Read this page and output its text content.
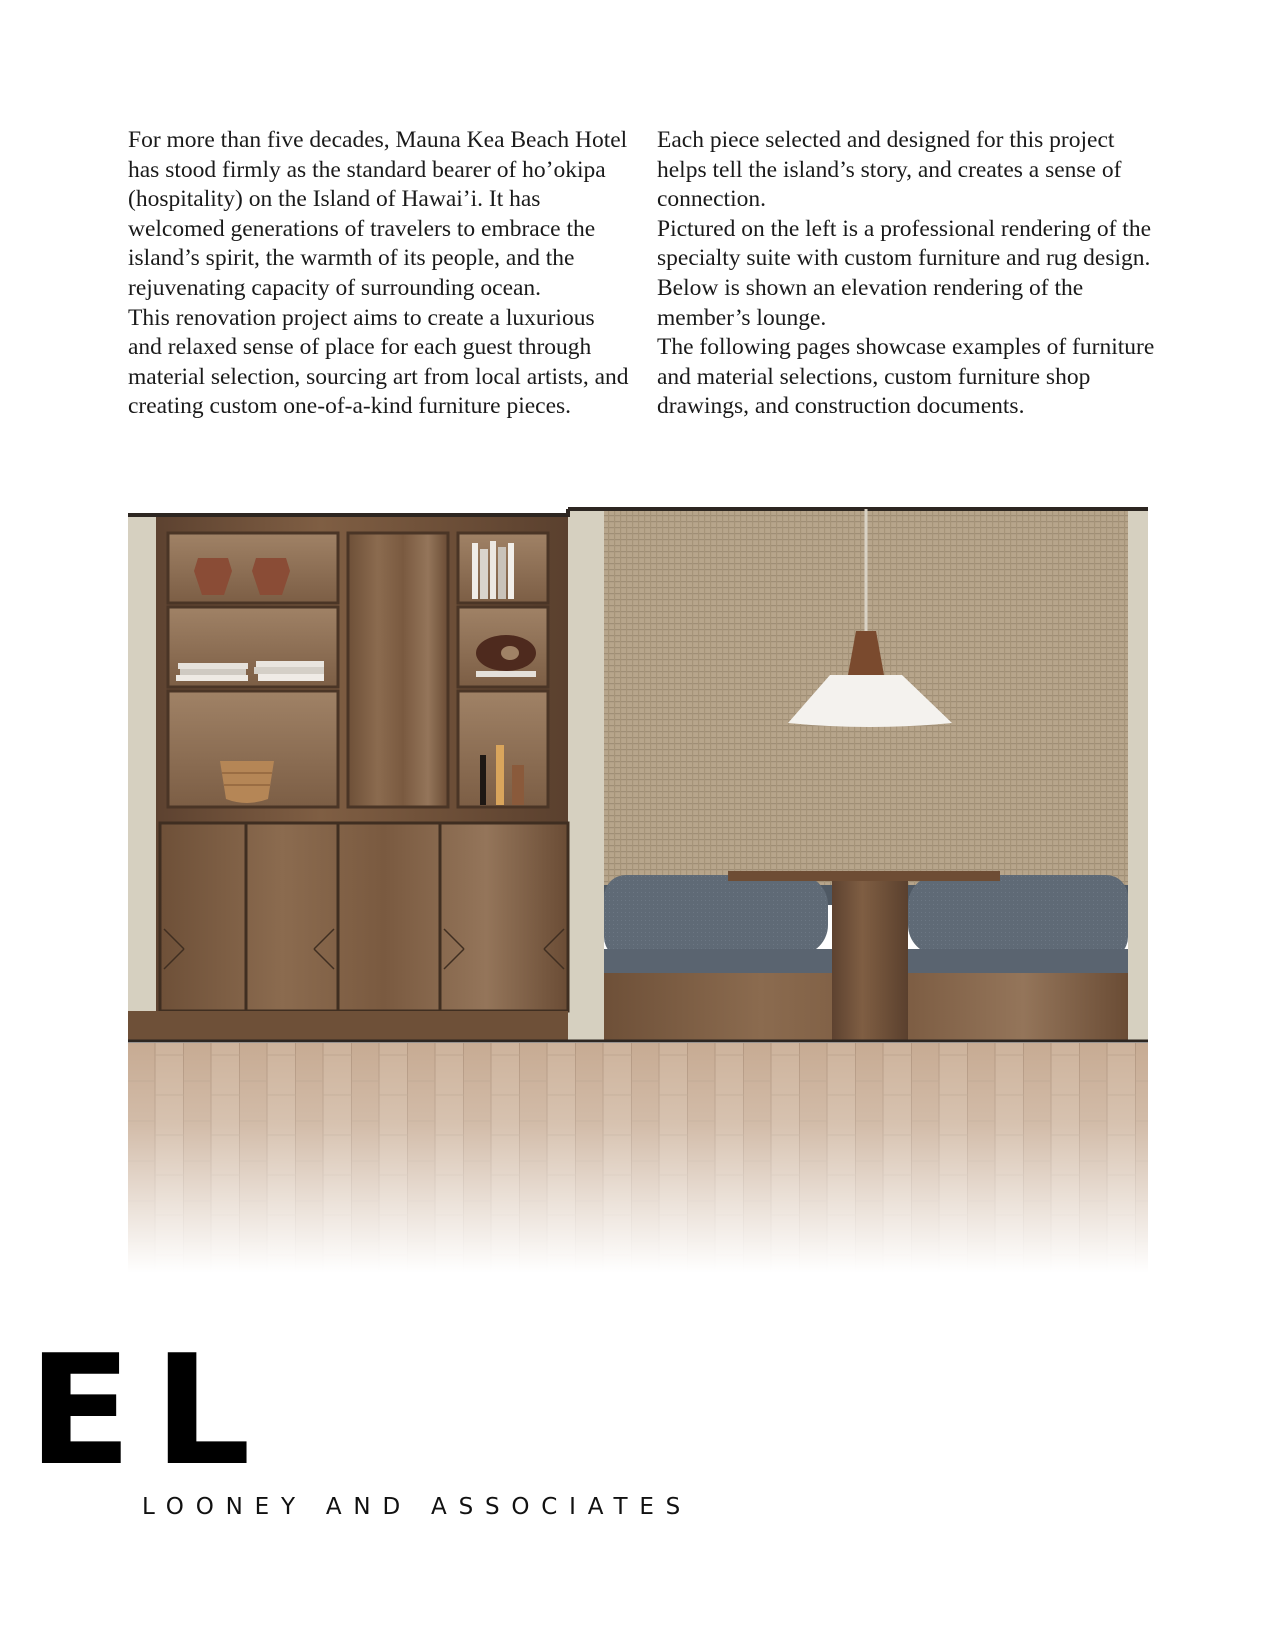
For more than five decades, Mauna Kea Beach Hotel has stood firmly as the standard bearer of ho’okipa (hospitality) on the Island of Hawai’i. It has welcomed generations of travelers to embrace the island’s spirit, the warmth of its people, and the rejuvenating capacity of surrounding ocean.

This renovation project aims to create a luxurious and relaxed sense of place for each guest through material selection, sourcing art from local artists, and creating custom one-of-a-kind furniture pieces.

Each piece selected and designed for this project helps tell the island’s story, and creates a sense of connection.

Pictured on the left is a professional rendering of the specialty suite with custom furniture and rug design. Below is shown an elevation rendering of the member’s lounge.

The following pages showcase examples of furniture and material selections, custom furniture shop drawings, and construction documents.

EL
LOONEY AND ASSOCIATES
